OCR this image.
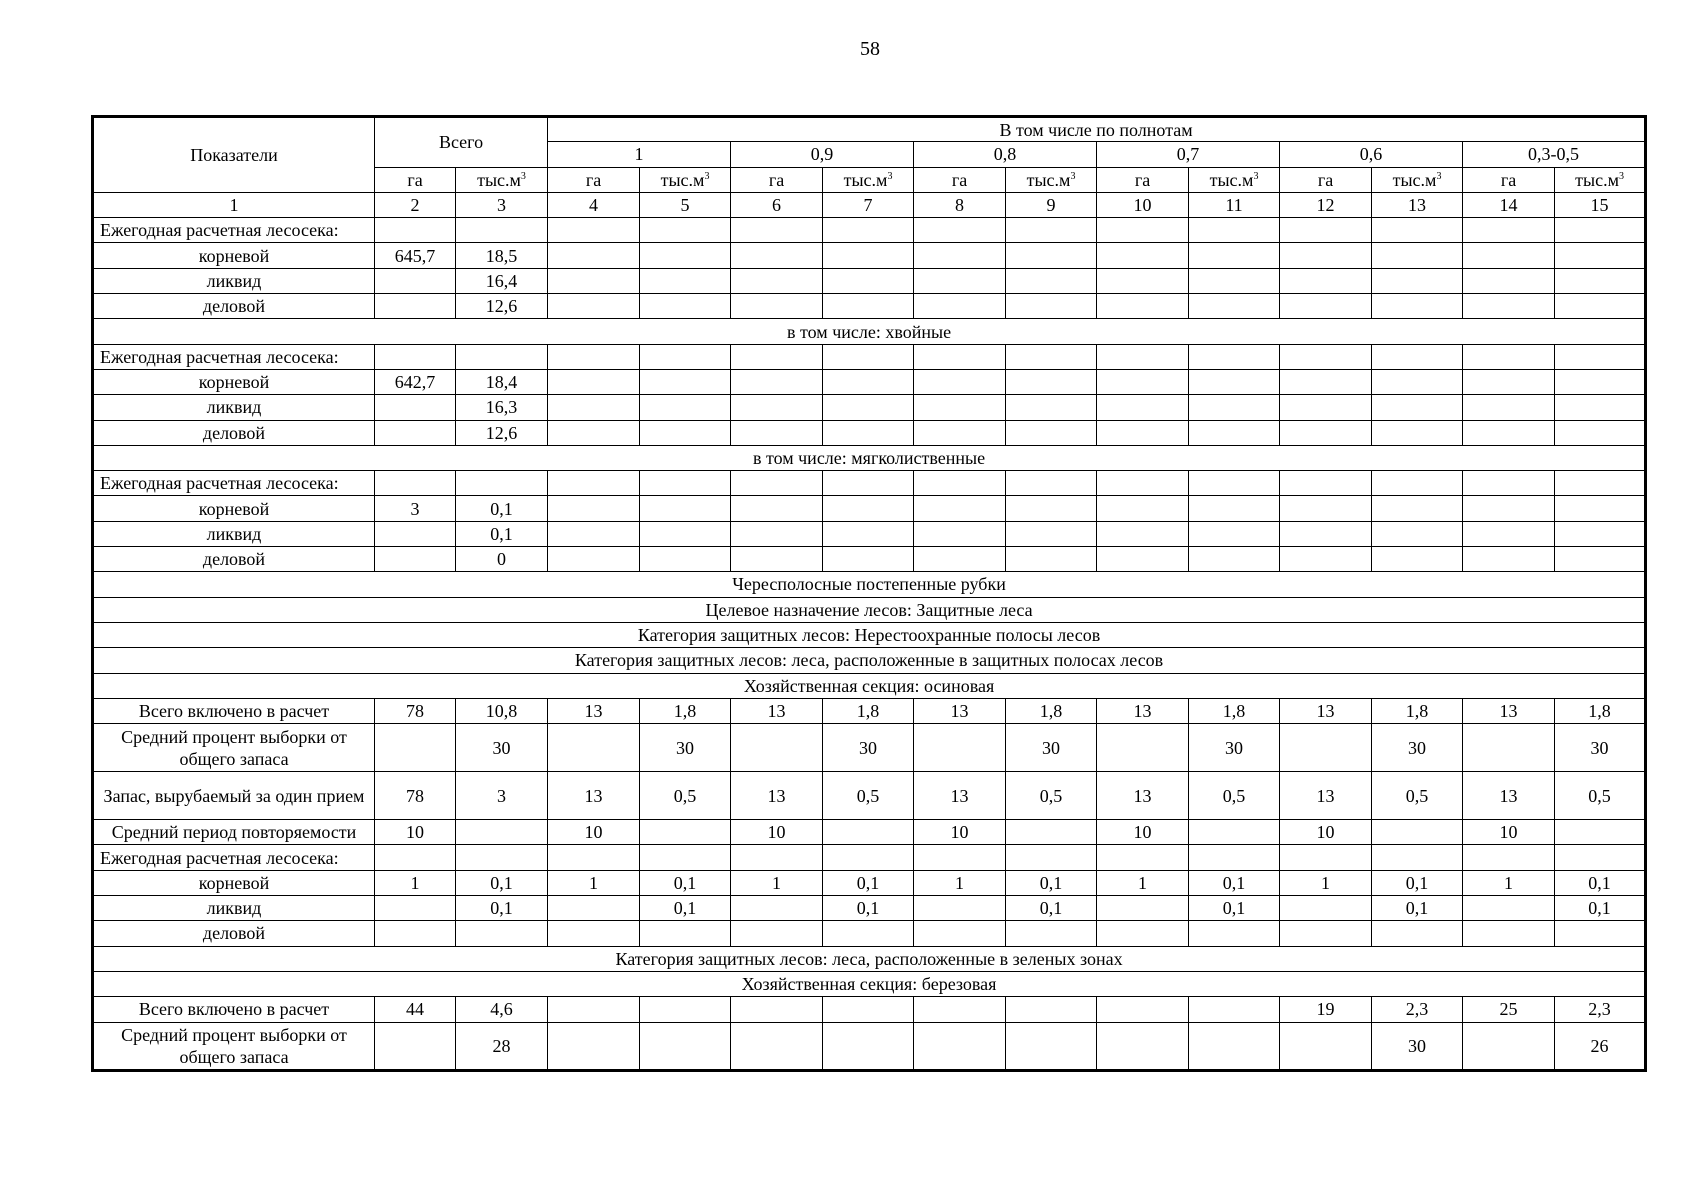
58
Показатели	Всего		В том числе по полнотам											
			1		0,9		0,8		0,7		0,6		0,3-0,5	
	га	$тыс.м^3$	га	$тыс.м^3$	га	$тыс.м^3$	га	$тыс.м^3$	га	$тыс.м^3$	га	$тыс.м^3$	га	$тыс.м^3$
1	2	3	4	5	6	7	8	9	10	11	12	13	14	15
Ежегодная расчетная лесосека:														
корневой	645,7	18,5												
ликвид		16,4												
деловой		12,6												
в том числе: хвойные														
Ежегодная расчетная лесосека:														
корневой	642,7	18,4												
ликвид		16,3												
деловой		12,6												
в том числе: мягколиственные														
Ежегодная расчетная лесосека:														
корневой	3	0,1												
ликвид		0,1												
деловой		0												
Чересполосные постепенные рубки														
Целевое назначение лесов: Защитные леса														
Категория защитных лесов: Нерестоохранные полосы лесов														
Категория защитных лесов: леса, расположенные в защитных полосах лесов														
Хозяйственная секция: осиновая														
Всего включено в расчет	78	10,8	13	1,8	13	1,8	13	1,8	13	1,8	13	1,8	13	1,8
Средний процент выборки от общего запаса		30		30		30		30		30		30		30
Запас, вырубаемый за один прием	78	3	13	0,5	13	0,5	13	0,5	13	0,5	13	0,5	13	0,5
Средний период повторяемости	10		10		10		10		10		10		10	
Ежегодная расчетная лесосека:														
корневой	1	0,1	1	0,1	1	0,1	1	0,1	1	0,1	1	0,1	1	0,1
ликвид		0,1		0,1		0,1		0,1		0,1		0,1		0,1
деловой														
Категория защитных лесов: леса, расположенные в зеленых зонах														
Хозяйственная секция: березовая														
Всего включено в расчет	44	4,6									19	2,3	25	2,3
Средний процент выборки от общего запаса		28										30		26
